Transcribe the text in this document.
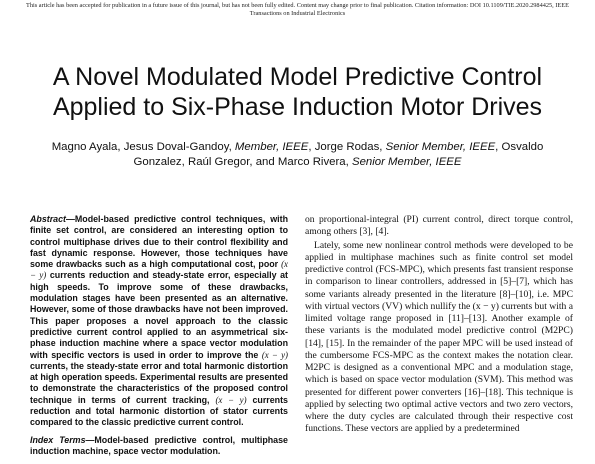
This article has been accepted for publication in a future issue of this journal, but has not been fully edited. Content may change prior to final publication. Citation information: DOI 10.1109/TIE.2020.2984425, IEEE
Transactions on Industrial Electronics
A Novel Modulated Model Predictive Control
Applied to Six-Phase Induction Motor Drives
Magno Ayala, Jesus Doval-Gandoy, Member, IEEE, Jorge Rodas, Senior Member, IEEE, Osvaldo Gonzalez, Raúl Gregor, and Marco Rivera, Senior Member, IEEE

Abstract—Model-based predictive control techniques, with finite set control, are considered an interesting option to control multiphase drives due to their control flexibility and fast dynamic response. However, those techniques have some drawbacks such as a high computational cost, poor (x − y) currents reduction and steady-state error, especially at high speeds. To improve some of these drawbacks, modulation stages have been presented as an alternative. However, some of those drawbacks have not been improved. This paper proposes a novel approach to the classic predictive current control applied to an asymmetrical six-phase induction machine where a space vector modulation with specific vectors is used in order to improve the (x − y) currents, the steady-state error and total harmonic distortion at high operation speeds. Experimental results are presented to demonstrate the characteristics of the proposed control technique in terms of current tracking, (x − y) currents reduction and total harmonic distortion of stator currents compared to the classic predictive current control.

Index Terms—Model-based predictive control, multiphase induction machine, space vector modulation.

on proportional-integral (PI) current control, direct torque control, among others [3], [4].

Lately, some new nonlinear control methods were developed to be applied in multiphase machines such as finite control set model predictive control (FCS-MPC), which presents fast transient response in comparison to linear controllers, addressed in [5]–[7], which has some variants already presented in the literature [8]–[10], i.e. MPC with virtual vectors (VV) which nullify the (x − y) currents but with a limited voltage range proposed in [11]–[13]. Another example of these variants is the modulated model predictive control (M2PC) [14], [15]. In the remainder of the paper MPC will be used instead of the cumbersome FCS-MPC as the context makes the notation clear. M2PC is designed as a conventional MPC and a modulation stage, which is based on space vector modulation (SVM). This method was presented for different power converters [16]–[18]. This technique is applied by selecting two optimal active vectors and two zero vectors, where the duty cycles are calculated through their respective cost functions. These vectors are applied by a predetermined
